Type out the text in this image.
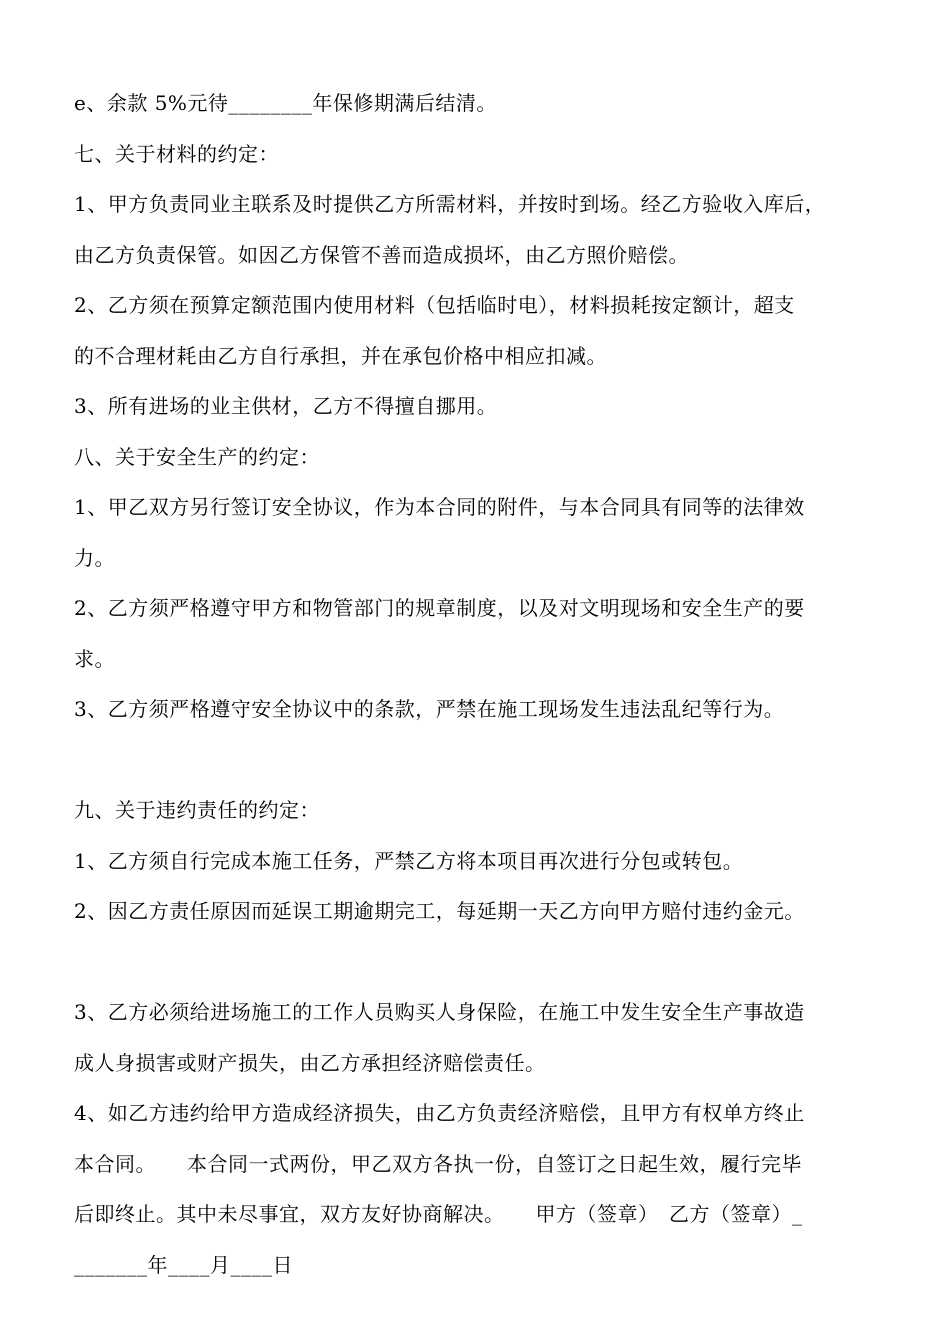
e、余款 5%元待________年保修期满后结清。
七、关于材料的约定：
1、甲方负责同业主联系及时提供乙方所需材料，并按时到场。经乙方验收入库后，
由乙方负责保管。如因乙方保管不善而造成损坏，由乙方照价赔偿。
2、乙方须在预算定额范围内使用材料（包括临时电），材料损耗按定额计，超支
的不合理材耗由乙方自行承担，并在承包价格中相应扣减。
3、所有进场的业主供材，乙方不得擅自挪用。
八、关于安全生产的约定：
1、甲乙双方另行签订安全协议，作为本合同的附件，与本合同具有同等的法律效
力。
2、乙方须严格遵守甲方和物管部门的规章制度，以及对文明现场和安全生产的要
求。
3、乙方须严格遵守安全协议中的条款，严禁在施工现场发生违法乱纪等行为。
九、关于违约责任的约定：
1、乙方须自行完成本施工任务，严禁乙方将本项目再次进行分包或转包。
2、因乙方责任原因而延误工期逾期完工，每延期一天乙方向甲方赔付违约金元。
3、乙方必须给进场施工的工作人员购买人身保险，在施工中发生安全生产事故造
成人身损害或财产损失，由乙方承担经济赔偿责任。
4、如乙方违约给甲方造成经济损失，由乙方负责经济赔偿，且甲方有权单方终止
本合同。　　本合同一式两份，甲乙双方各执一份，自签订之日起生效，履行完毕
后即终止。其中未尽事宜，双方友好协商解决。　　甲方（签章）　乙方（签章）_
_______年____月____日
